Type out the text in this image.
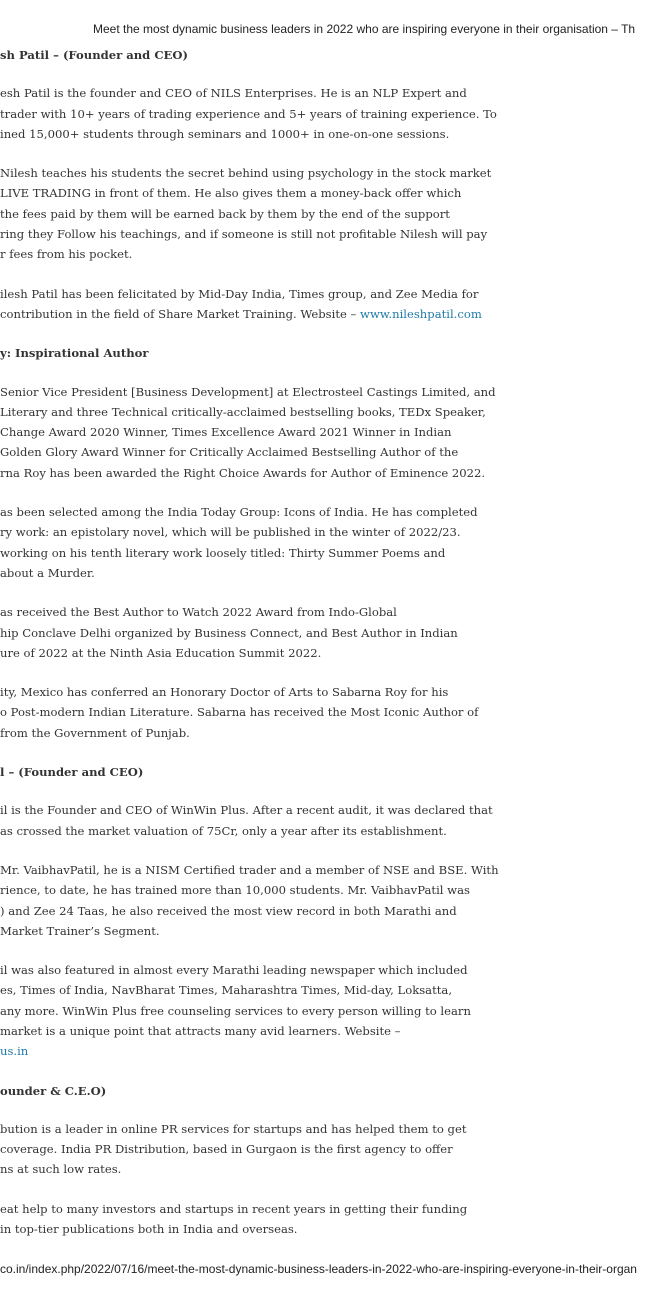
Meet the most dynamic business leaders in 2022 who are inspiring everyone in their organisation – Th

sh Patil – (Founder and CEO)

esh Patil is the founder and CEO of NILS Enterprises. He is an NLP Expert and

trader with 10+ years of trading experience and 5+ years of training experience. To

ined 15,000+ students through seminars and 1000+ in one-on-one sessions.

Nilesh teaches his students the secret behind using psychology in the stock market

LIVE TRADING in front of them. He also gives them a money-back offer which

the fees paid by them will be earned back by them by the end of the support

ring they Follow his teachings, and if someone is still not profitable Nilesh will pay

r fees from his pocket.

ilesh Patil has been felicitated by Mid-Day India, Times group, and Zee Media for

contribution in the field of Share Market Training. Website – www.nileshpatil.com

y: Inspirational Author

Senior Vice President [Business Development] at Electrosteel Castings Limited, and

Literary and three Technical critically-acclaimed bestselling books, TEDx Speaker,

Change Award 2020 Winner, Times Excellence Award 2021 Winner in Indian

Golden Glory Award Winner for Critically Acclaimed Bestselling Author of the

rna Roy has been awarded the Right Choice Awards for Author of Eminence 2022.

as been selected among the India Today Group: Icons of India. He has completed

ry work: an epistolary novel, which will be published in the winter of 2022/23.

working on his tenth literary work loosely titled: Thirty Summer Poems and

about a Murder.

as received the Best Author to Watch 2022 Award from Indo-Global

hip Conclave Delhi organized by Business Connect, and Best Author in Indian

ure of 2022 at the Ninth Asia Education Summit 2022.

ity, Mexico has conferred an Honorary Doctor of Arts to Sabarna Roy for his

o Post-modern Indian Literature. Sabarna has received the Most Iconic Author of

from the Government of Punjab.

l – (Founder and CEO)

il is the Founder and CEO of WinWin Plus. After a recent audit, it was declared that

as crossed the market valuation of 75Cr, only a year after its establishment.

Mr. VaibhavPatil, he is a NISM Certified trader and a member of NSE and BSE. With

rience, to date, he has trained more than 10,000 students. Mr. VaibhavPatil was

) and Zee 24 Taas, he also received the most view record in both Marathi and

Market Trainer’s Segment.

il was also featured in almost every Marathi leading newspaper which included

es, Times of India, NavBharat Times, Maharashtra Times, Mid-day, Loksatta,

any more. WinWin Plus free counseling services to every person willing to learn

market is a unique point that attracts many avid learners. Website –

us.in

ounder & C.E.O)

bution is a leader in online PR services for startups and has helped them to get

coverage. India PR Distribution, based in Gurgaon is the first agency to offer

ns at such low rates.

eat help to many investors and startups in recent years in getting their funding

in top-tier publications both in India and overseas.

co.in/index.php/2022/07/16/meet-the-most-dynamic-business-leaders-in-2022-who-are-inspiring-everyone-in-their-organ
